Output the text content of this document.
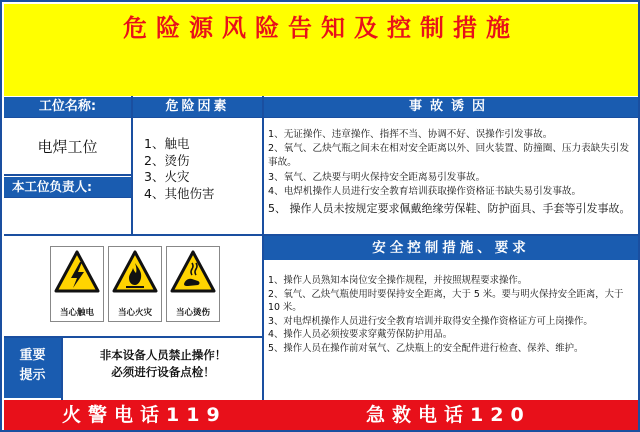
危险源风险告知及控制措施
工位名称:	危险因素	事故诱因
电焊工位
本工位负责人:
1、触电
2、烫伤
3、火灾
4、其他伤害
1、无证操作、违章操作、指挥不当、协调不好、误操作引发事故。
2、氧气、乙炔气瓶之间未在相对安全距离以外、回火装置、防撞圈、压力表缺失引发事故。
3、氧气、乙炔要与明火保持安全距离易引发事故。
4、电焊机操作人员进行安全教育培训获取操作资格证书缺失易引发事故。
5、 操作人员未按规定要求佩戴绝缘劳保鞋、防护面具、手套等引发事故。
安全控制措施、要求
1、操作人员熟知本岗位安全操作规程，并按照规程要求操作。
2、氧气、乙炔气瓶使用时要保持安全距离，大于 5 米。要与明火保持安全距离，大于 10 米。
3、对电焊机操作人员进行安全教育培训并取得安全操作资格证方可上岗操作。
4、操作人员必须按要求穿戴劳保防护用品。
5、操作人员在操作前对氧气、乙炔瓶上的安全配件进行检查、保养、维护。
当心触电	当心火灾	当心烫伤
重要
提示
非本设备人员禁止操作！
必须进行设备点检！
火警电话119	急救电话120
